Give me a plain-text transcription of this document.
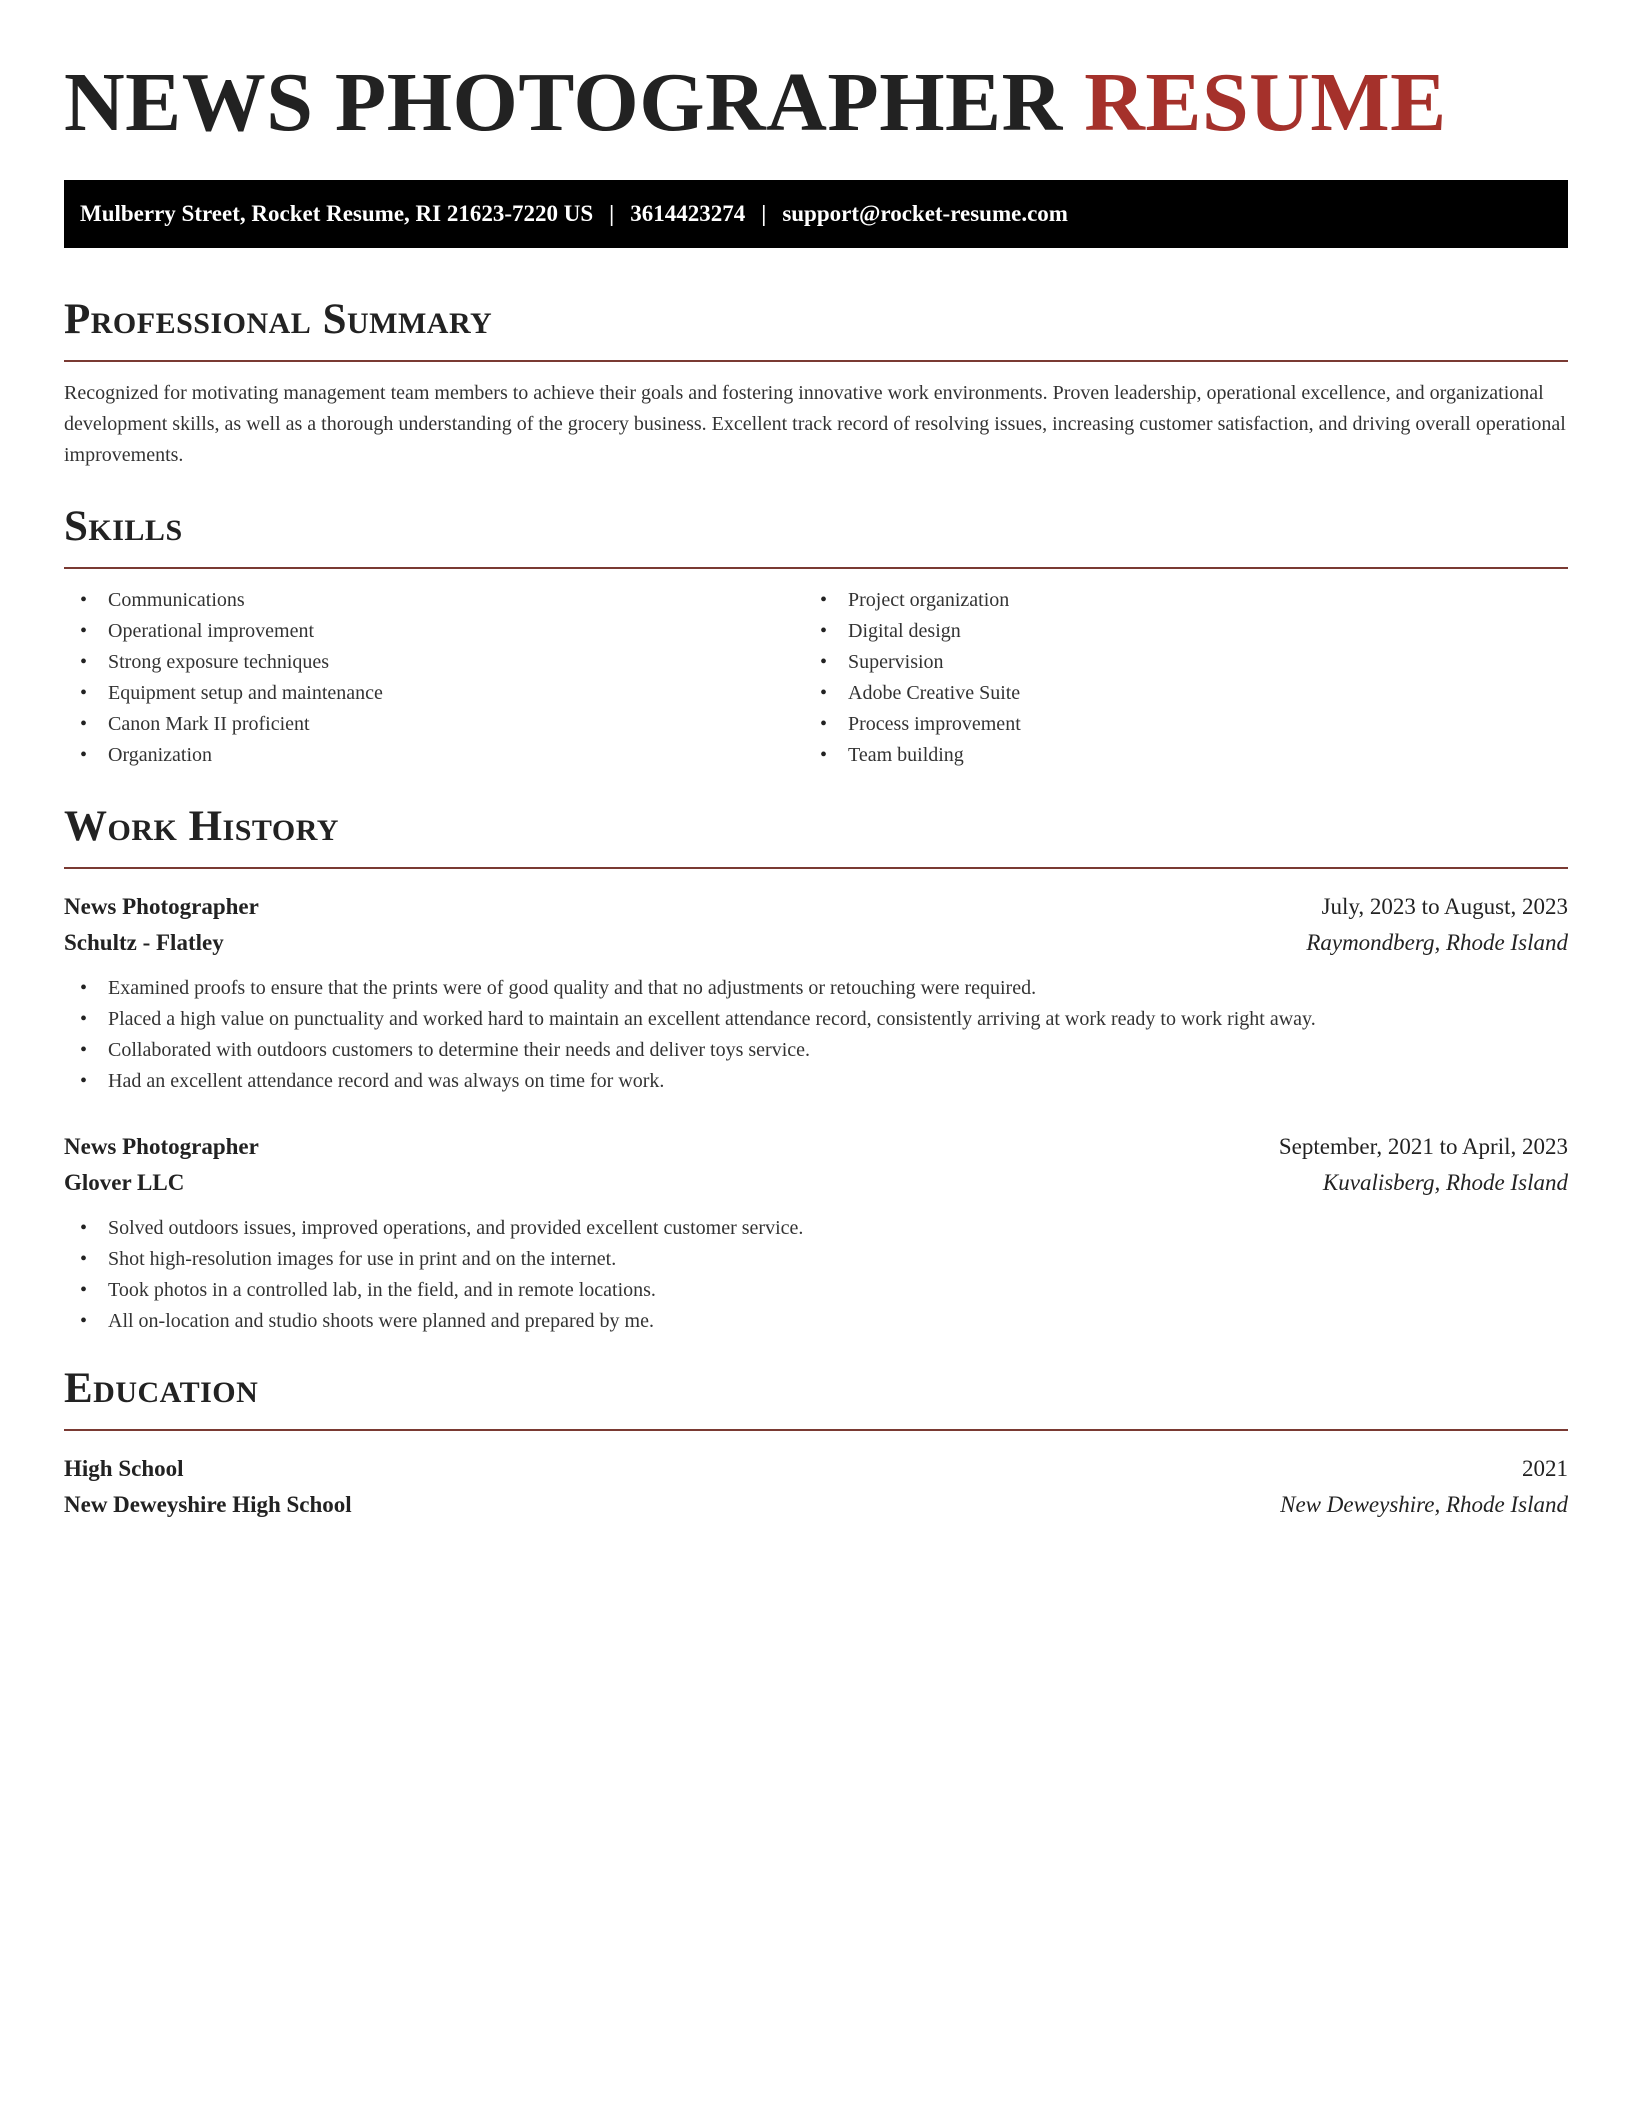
NEWS PHOTOGRAPHER RESUME
Mulberry Street, Rocket Resume, RI 21623-7220 US | 3614423274 | support@rocket-resume.com
Professional Summary

Recognized for motivating management team members to achieve their goals and fostering innovative work environments. Proven leadership, operational excellence, and organizational development skills, as well as a thorough understanding of the grocery business. Excellent track record of resolving issues, increasing customer satisfaction, and driving overall operational improvements.

Skills
• Communications
• Operational improvement
• Strong exposure techniques
• Equipment setup and maintenance
• Canon Mark II proficient
• Organization
• Project organization
• Digital design
• Supervision
• Adobe Creative Suite
• Process improvement
• Team building
Work History
News Photographer	July, 2023 to August, 2023
Schultz - Flatley	Raymondberg, Rhode Island
• Examined proofs to ensure that the prints were of good quality and that no adjustments or retouching were required.
• Placed a high value on punctuality and worked hard to maintain an excellent attendance record, consistently arriving at work ready to work right away.
• Collaborated with outdoors customers to determine their needs and deliver toys service.
• Had an excellent attendance record and was always on time for work.
News Photographer	September, 2021 to April, 2023
Glover LLC	Kuvalisberg, Rhode Island
• Solved outdoors issues, improved operations, and provided excellent customer service.
• Shot high-resolution images for use in print and on the internet.
• Took photos in a controlled lab, in the field, and in remote locations.
• All on-location and studio shoots were planned and prepared by me.
Education
High School	2021
New Deweyshire High School	New Deweyshire, Rhode Island
